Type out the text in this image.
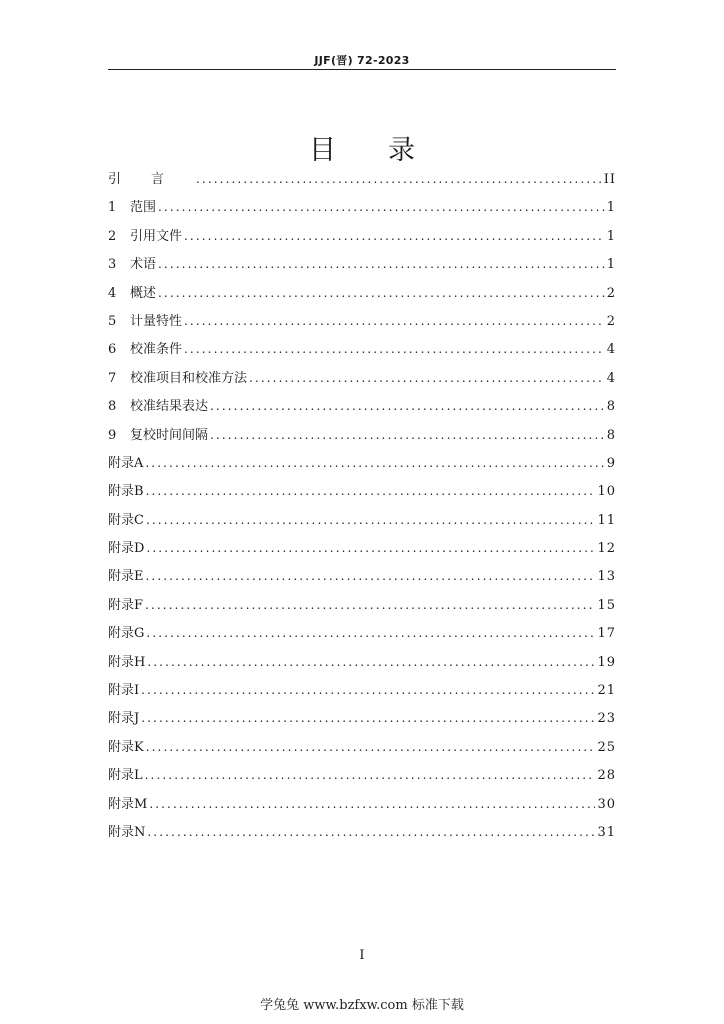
JJF(晋) 72-2023
目录
引言 .....	II
1	范围 .....	1
2	引用文件 .....	1
3	术语 .....	1
4	概述 .....	2
5	计量特性 .....	2
6	校准条件 .....	4
7	校准项目和校准方法 .....	4
8	校准结果表达 .....	8
9	复校时间间隔 .....	8
附录A .....	9
附录B .....	10
附录C .....	11
附录D .....	12
附录E .....	13
附录F .....	15
附录G .....	17
附录H .....	19
附录I .....	21
附录J .....	23
附录K .....	25
附录L .....	28
附录M .....	30
附录N .....	31
I
学兔兔 www.bzfxw.com 标准下载
